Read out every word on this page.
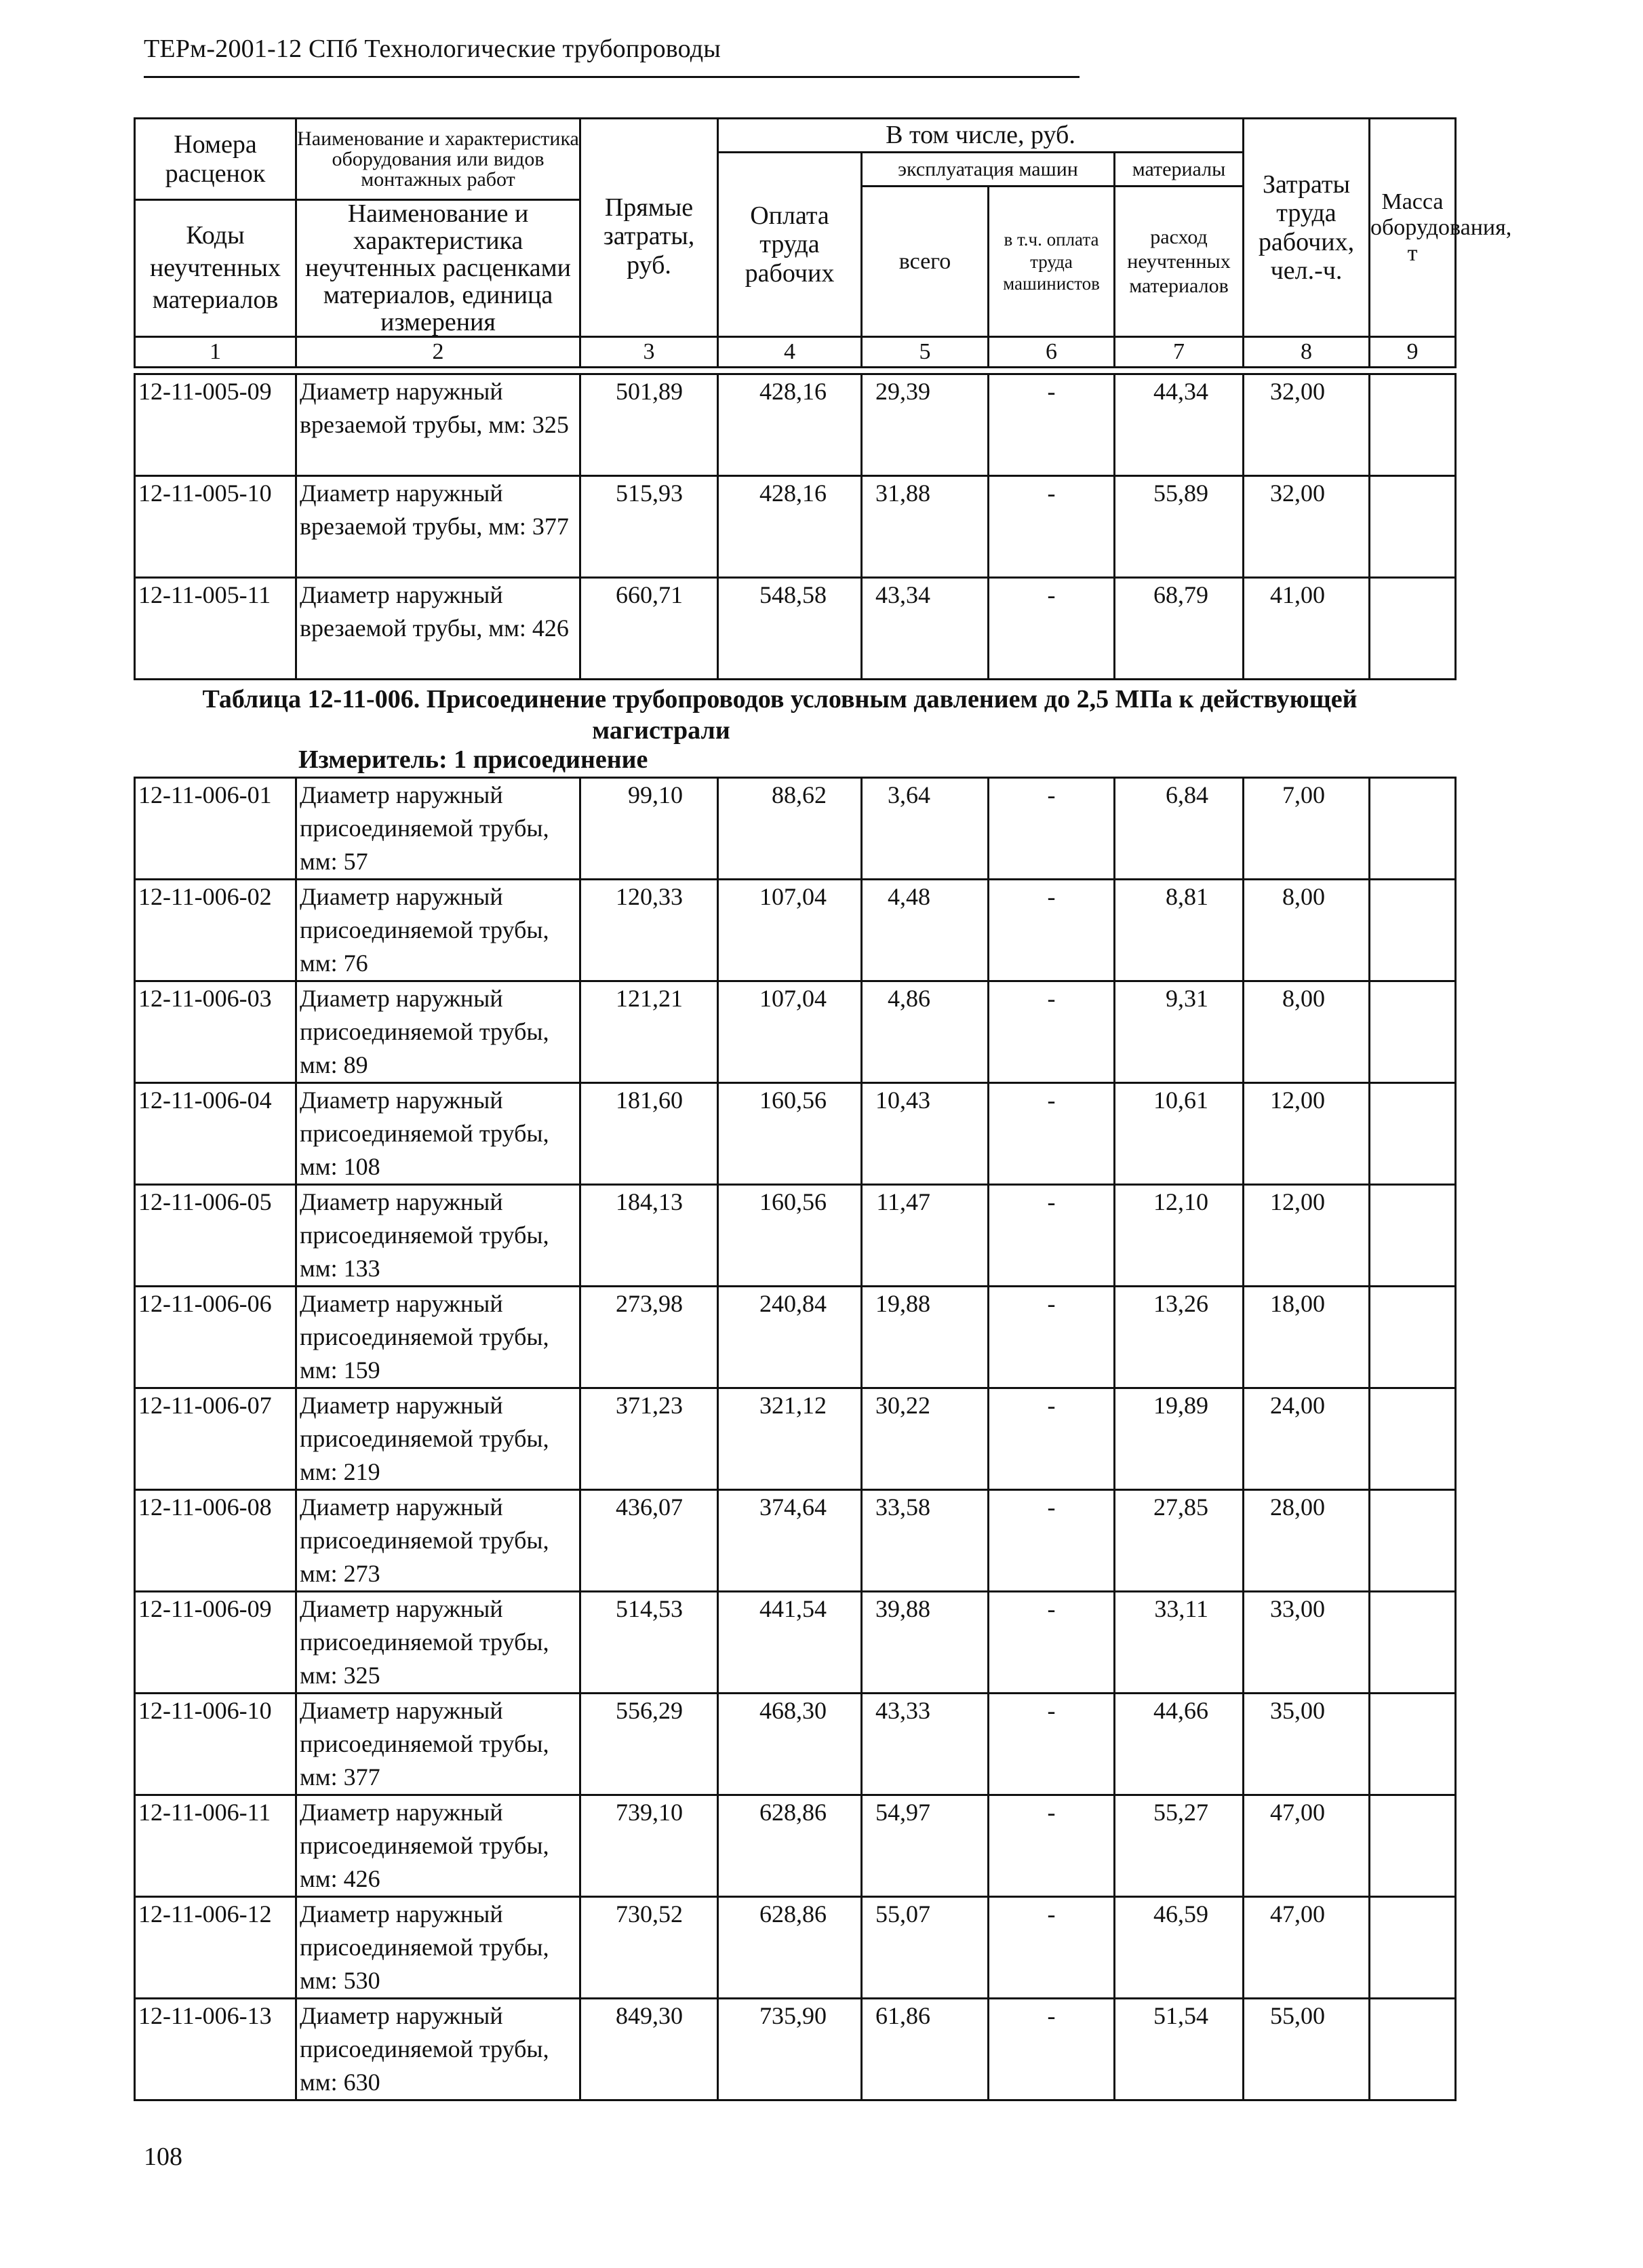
ТЕРм-2001-12 СПб Технологические трубопроводы
Номера расценок	Наименование и характеристика оборудования или видов монтажных работ	Прямые затраты, руб.	В том числе, руб.				Затраты труда рабочих, чел.-ч.	Масса оборудования, т
			Оплата труда рабочих	эксплуатация машин		материалы		
				всего	в т.ч. оплата труда машинистов	расход неучтенных материалов		
Коды неучтенных материалов	Наименование и характеристика неучтенных расценками материалов, единица измерения							

1	2	3	4	5	6	7	8	9
12-11-005-09	Диаметр наружный врезаемой трубы, мм: 325	501,89	428,16	29,39	-	44,34	32,00	
12-11-005-10	Диаметр наружный врезаемой трубы, мм: 377	515,93	428,16	31,88	-	55,89	32,00	
12-11-005-11	Диаметр наружный врезаемой трубы, мм: 426	660,71	548,58	43,34	-	68,79	41,00	
Таблица 12-11-006. Присоединение трубопроводов условным давлением до 2,5 МПа к действующей
магистрали
Измеритель: 1 присоединение
12-11-006-01	Диаметр наружный присоединяемой трубы, мм: 57	99,10	88,62	3,64	-	6,84	7,00	
12-11-006-02	Диаметр наружный присоединяемой трубы, мм: 76	120,33	107,04	4,48	-	8,81	8,00	
12-11-006-03	Диаметр наружный присоединяемой трубы, мм: 89	121,21	107,04	4,86	-	9,31	8,00	
12-11-006-04	Диаметр наружный присоединяемой трубы, мм: 108	181,60	160,56	10,43	-	10,61	12,00	
12-11-006-05	Диаметр наружный присоединяемой трубы, мм: 133	184,13	160,56	11,47	-	12,10	12,00	
12-11-006-06	Диаметр наружный присоединяемой трубы, мм: 159	273,98	240,84	19,88	-	13,26	18,00	
12-11-006-07	Диаметр наружный присоединяемой трубы, мм: 219	371,23	321,12	30,22	-	19,89	24,00	
12-11-006-08	Диаметр наружный присоединяемой трубы, мм: 273	436,07	374,64	33,58	-	27,85	28,00	
12-11-006-09	Диаметр наружный присоединяемой трубы, мм: 325	514,53	441,54	39,88	-	33,11	33,00	
12-11-006-10	Диаметр наружный присоединяемой трубы, мм: 377	556,29	468,30	43,33	-	44,66	35,00	
12-11-006-11	Диаметр наружный присоединяемой трубы, мм: 426	739,10	628,86	54,97	-	55,27	47,00	
12-11-006-12	Диаметр наружный присоединяемой трубы, мм: 530	730,52	628,86	55,07	-	46,59	47,00	
12-11-006-13	Диаметр наружный присоединяемой трубы, мм: 630	849,30	735,90	61,86	-	51,54	55,00	
108
